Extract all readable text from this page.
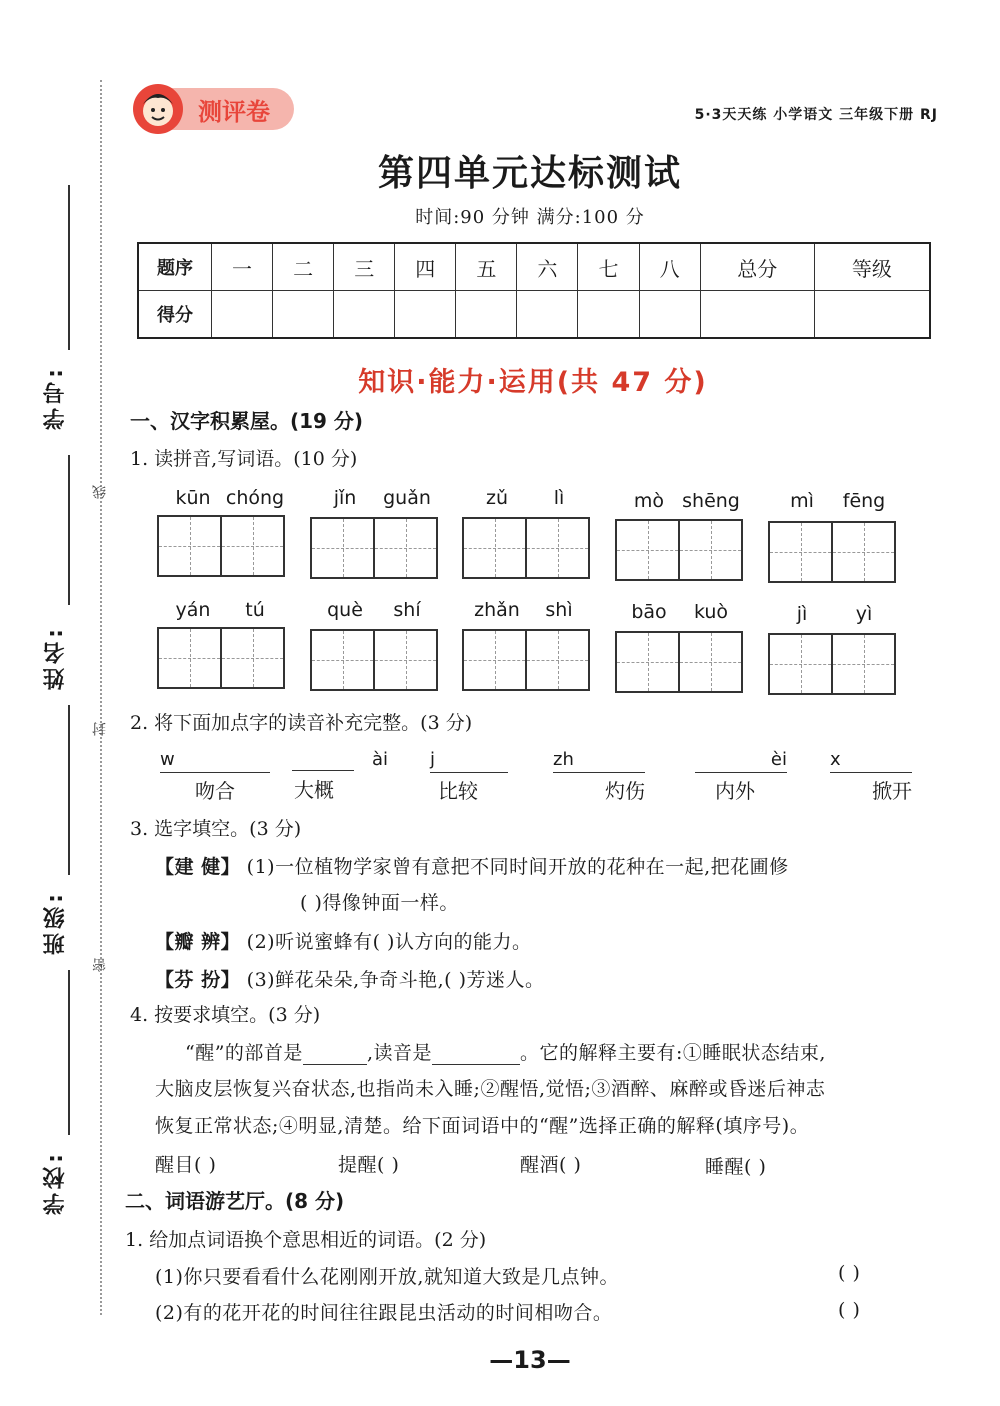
学号:
姓名:
班级:
学校:
线
封
密
测评卷	5·3天天练 小学语文 三年级下册 RJ
第四单元达标测试
时间:90 分钟 满分:100 分
题序	一	二	三	四	五	六	七	八	总分	等级
得分										
知识·能力·运用(共 47 分)
一、汉字积累屋。(19 分)
1. 读拼音,写词语。(10 分)
kūn chóng	jǐn guǎn	zǔ lì	mò shēng	mì fēng
yán tú	què shí	zhǎn shì	bāo kuò	jì	yì
2. 将下面加点字的读音补充完整。(3 分)
w
吻合
ài
大概
j
比较
zh
灼伤
èi
内外
x
掀开
3. 选字填空。(3 分)
【建 健】 (1)一位植物学家曾有意把不同时间开放的花种在一起,把花圃修
( )得像钟面一样。
【瓣 辨】 (2)听说蜜蜂有( )认方向的能力。
【芬 扮】 (3)鲜花朵朵,争奇斗艳,( )芳迷人。
4. 按要求填空。(3 分)
“醒”的部首是	,读音是	。它的解释主要有:①睡眠状态结束,
大脑皮层恢复兴奋状态,也指尚未入睡;②醒悟,觉悟;③酒醉、麻醉或昏迷后神志
恢复正常状态;④明显,清楚。给下面词语中的“醒”选择正确的解释(填序号)。
醒目( )	提醒( )	醒酒( )	睡醒( )
二、词语游艺厅。(8 分)
1. 给加点词语换个意思相近的词语。(2 分)
(1)你只要看看什么花刚刚开放,就知道大致是几点钟。	( )
(2)有的花开花的时间往往跟昆虫活动的时间相吻合。	( )
—13—
